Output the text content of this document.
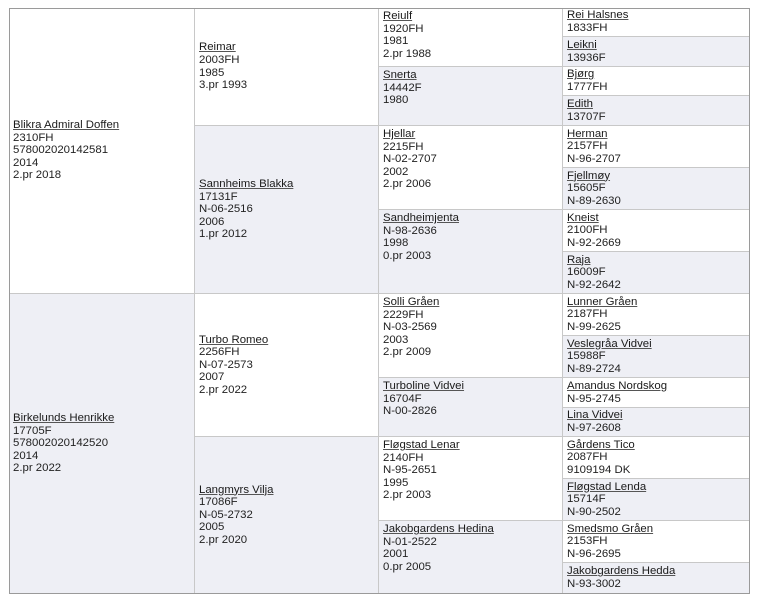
Blikra Admiral Doffen
2310FH
578002020142581
2014
2.pr 2018
Birkelunds Henrikke
17705F
578002020142520
2014
2.pr 2022
Reimar
2003FH
1985
3.pr 1993
Sannheims Blakka
17131F
N-06-2516
2006
1.pr 2012
Turbo Romeo
2256FH
N-07-2573
2007
2.pr 2022
Langmyrs Vilja
17086F
N-05-2732
2005
2.pr 2020
Reiulf
1920FH
1981
2.pr 1988
Snerta
14442F
1980
Hjellar
2215FH
N-02-2707
2002
2.pr 2006
Sandheimjenta
N-98-2636
1998
0.pr 2003
Solli Gråen
2229FH
N-03-2569
2003
2.pr 2009
Turboline Vidvei
16704F
N-00-2826
Fløgstad Lenar
2140FH
N-95-2651
1995
2.pr 2003
Jakobgardens Hedina
N-01-2522
2001
0.pr 2005
Rei Halsnes
1833FH
Leikni
13936F
Bjørg
1777FH
Edith
13707F
Herman
2157FH
N-96-2707
Fjellmøy
15605F
N-89-2630
Kneist
2100FH
N-92-2669
Raja
16009F
N-92-2642
Lunner Gråen
2187FH
N-99-2625
Veslegråa Vidvei
15988F
N-89-2724
Amandus Nordskog
N-95-2745
Lina Vidvei
N-97-2608
Gårdens Tico
2087FH
9109194 DK
Fløgstad Lenda
15714F
N-90-2502
Smedsmo Gråen
2153FH
N-96-2695
Jakobgardens Hedda
N-93-3002
